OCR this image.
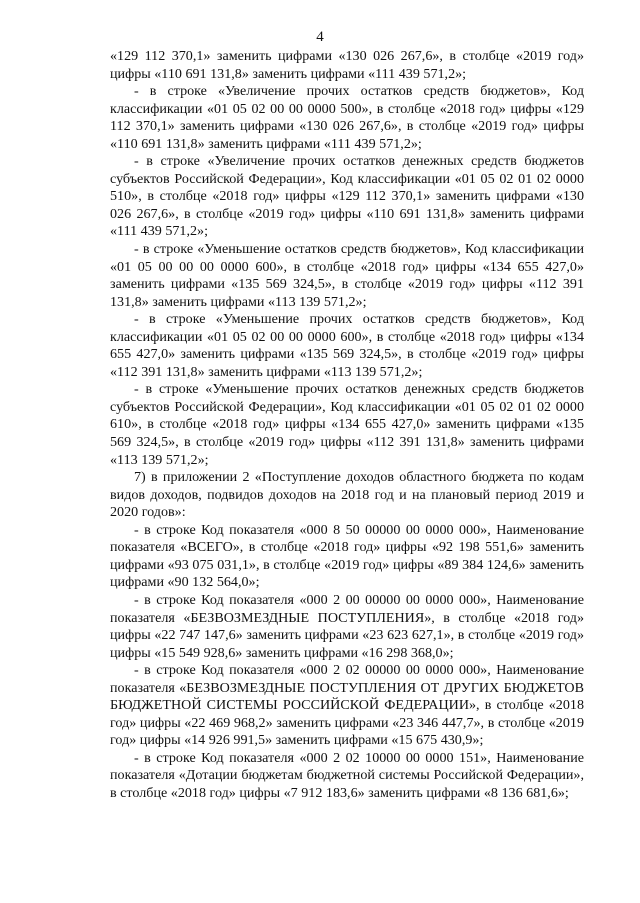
4

«129 112 370,1» заменить цифрами «130 026 267,6», в столбце «2019 год» цифры «110 691 131,8» заменить цифрами «111 439 571,2»;

- в строке «Увеличение прочих остатков средств бюджетов», Код классификации «01 05 02 00 00 0000 500», в столбце «2018 год» цифры «129 112 370,1» заменить цифрами «130 026 267,6», в столбце «2019 год» цифры «110 691 131,8» заменить цифрами «111 439 571,2»;

- в строке «Увеличение прочих остатков денежных средств бюджетов субъектов Российской Федерации», Код классификации «01 05 02 01 02 0000 510», в столбце «2018 год» цифры «129 112 370,1» заменить цифрами «130 026 267,6», в столбце «2019 год» цифры «110 691 131,8» заменить цифрами «111 439 571,2»;

- в строке «Уменьшение остатков средств бюджетов», Код классификации «01 05 00 00 00 0000 600», в столбце «2018 год» цифры «134 655 427,0» заменить цифрами «135 569 324,5», в столбце «2019 год» цифры «112 391 131,8» заменить цифрами «113 139 571,2»;

- в строке «Уменьшение прочих остатков средств бюджетов», Код классификации «01 05 02 00 00 0000 600», в столбце «2018 год» цифры «134 655 427,0» заменить цифрами «135 569 324,5», в столбце «2019 год» цифры «112 391 131,8» заменить цифрами «113 139 571,2»;

- в строке «Уменьшение прочих остатков денежных средств бюджетов субъектов Российской Федерации», Код классификации «01 05 02 01 02 0000 610», в столбце «2018 год» цифры «134 655 427,0» заменить цифрами «135 569 324,5», в столбце «2019 год» цифры «112 391 131,8» заменить цифрами «113 139 571,2»;

7) в приложении 2 «Поступление доходов областного бюджета по кодам видов доходов, подвидов доходов на 2018 год и на плановый период 2019 и 2020 годов»:

- в строке Код показателя «000 8 50 00000 00 0000 000», Наименование показателя «ВСЕГО», в столбце «2018 год» цифры «92 198 551,6» заменить цифрами «93 075 031,1», в столбце «2019 год» цифры «89 384 124,6» заменить цифрами «90 132 564,0»;

- в строке Код показателя «000 2 00 00000 00 0000 000», Наименование показателя «БЕЗВОЗМЕЗДНЫЕ ПОСТУПЛЕНИЯ», в столбце «2018 год» цифры «22 747 147,6» заменить цифрами «23 623 627,1», в столбце «2019 год» цифры «15 549 928,6» заменить цифрами «16 298 368,0»;

- в строке Код показателя «000 2 02 00000 00 0000 000», Наименование показателя «БЕЗВОЗМЕЗДНЫЕ ПОСТУПЛЕНИЯ ОТ ДРУГИХ БЮДЖЕТОВ БЮДЖЕТНОЙ СИСТЕМЫ РОССИЙСКОЙ ФЕДЕРАЦИИ», в столбце «2018 год» цифры «22 469 968,2» заменить цифрами «23 346 447,7», в столбце «2019 год» цифры «14 926 991,5» заменить цифрами «15 675 430,9»;

- в строке Код показателя «000 2 02 10000 00 0000 151», Наименование показателя «Дотации бюджетам бюджетной системы Российской Федерации», в столбце «2018 год» цифры «7 912 183,6» заменить цифрами «8 136 681,6»;
